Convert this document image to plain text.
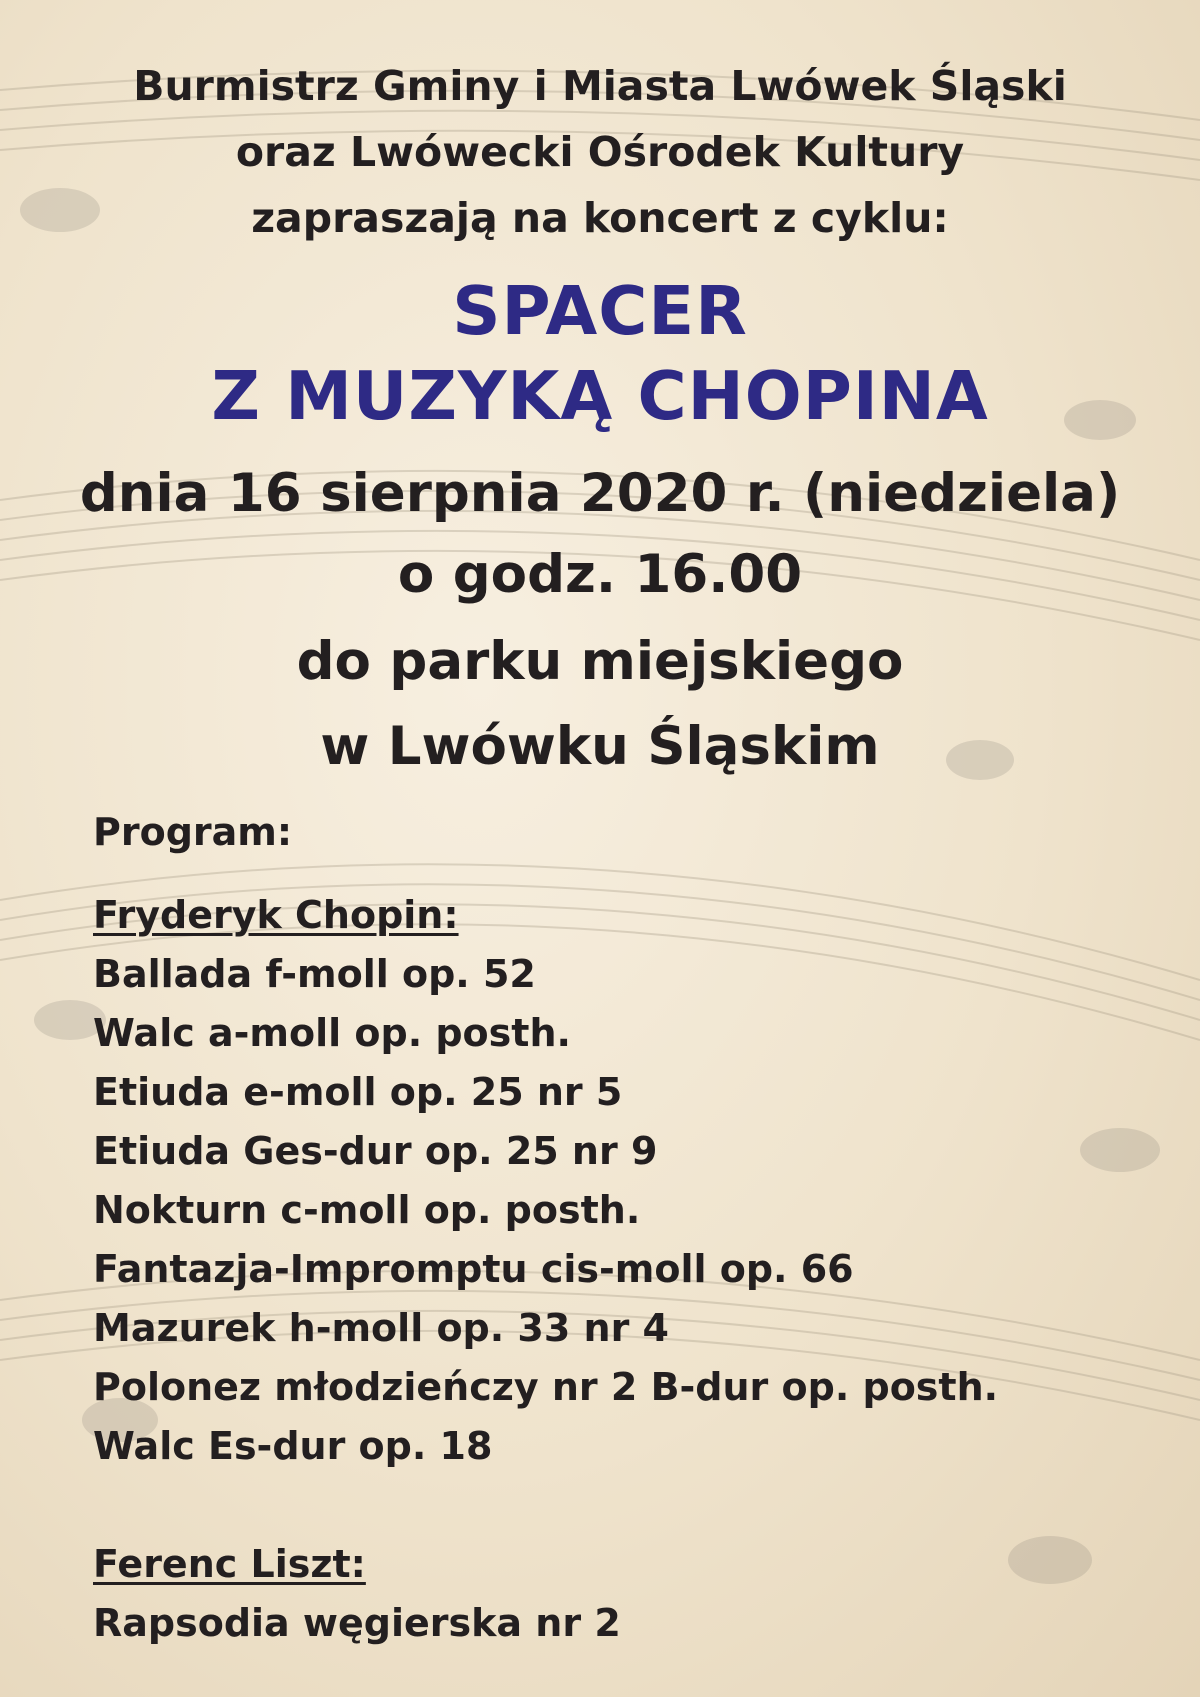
Burmistrz Gminy i Miasta Lwówek Śląski
oraz Lwówecki Ośrodek Kultury
zapraszają na koncert z cyklu:
SPACER
Z MUZYKĄ CHOPINA
dnia 16 sierpnia 2020 r. (niedziela)
o godz. 16.00
do parku miejskiego
w Lwówku Śląskim
Program:
Fryderyk Chopin:
Ballada f-moll op. 52
Walc a-moll op. posth.
Etiuda e-moll op. 25 nr 5
Etiuda Ges-dur op. 25 nr 9
Nokturn c-moll op. posth.
Fantazja-Impromptu cis-moll op. 66
Mazurek h-moll op. 33 nr 4
Polonez młodzieńczy nr 2 B-dur op. posth.
Walc Es-dur op. 18
Ferenc Liszt:
Rapsodia węgierska nr 2
